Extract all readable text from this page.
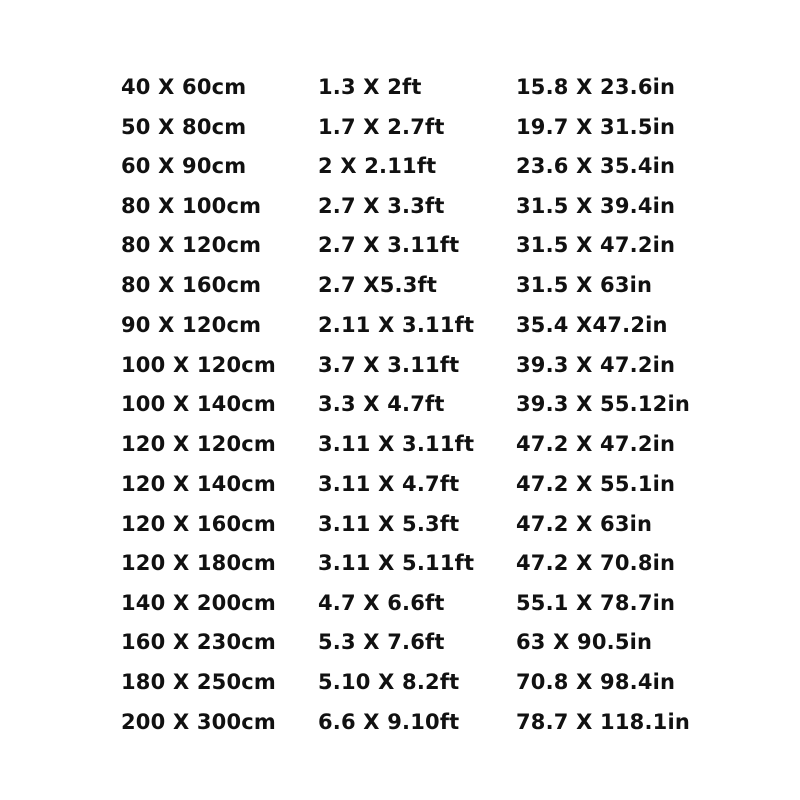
40 X 60cm	1.3 X 2ft	15.8 X 23.6in
50 X 80cm	1.7 X 2.7ft	19.7 X 31.5in
60 X 90cm	2 X 2.11ft	23.6 X 35.4in
80 X 100cm	2.7 X 3.3ft	31.5 X 39.4in
80 X 120cm	2.7 X 3.11ft	31.5 X 47.2in
80 X 160cm	2.7 X5.3ft	31.5 X 63in
90 X 120cm	2.11 X 3.11ft 35.4 X47.2in
100 X 120cm 3.7 X 3.11ft	39.3 X 47.2in
100 X 140cm 3.3 X 4.7ft	39.3 X 55.12in
120 X 120cm 3.11 X 3.11ft 47.2 X 47.2in
120 X 140cm 3.11 X 4.7ft	47.2 X 55.1in
120 X 160cm 3.11 X 5.3ft	47.2 X 63in
120 X 180cm 3.11 X 5.11ft 47.2 X 70.8in
140 X 200cm 4.7 X 6.6ft	55.1 X 78.7in
160 X 230cm 5.3 X 7.6ft	63 X 90.5in
180 X 250cm 5.10 X 8.2ft	70.8 X 98.4in
200 X 300cm 6.6 X 9.10ft	78.7 X 118.1in
